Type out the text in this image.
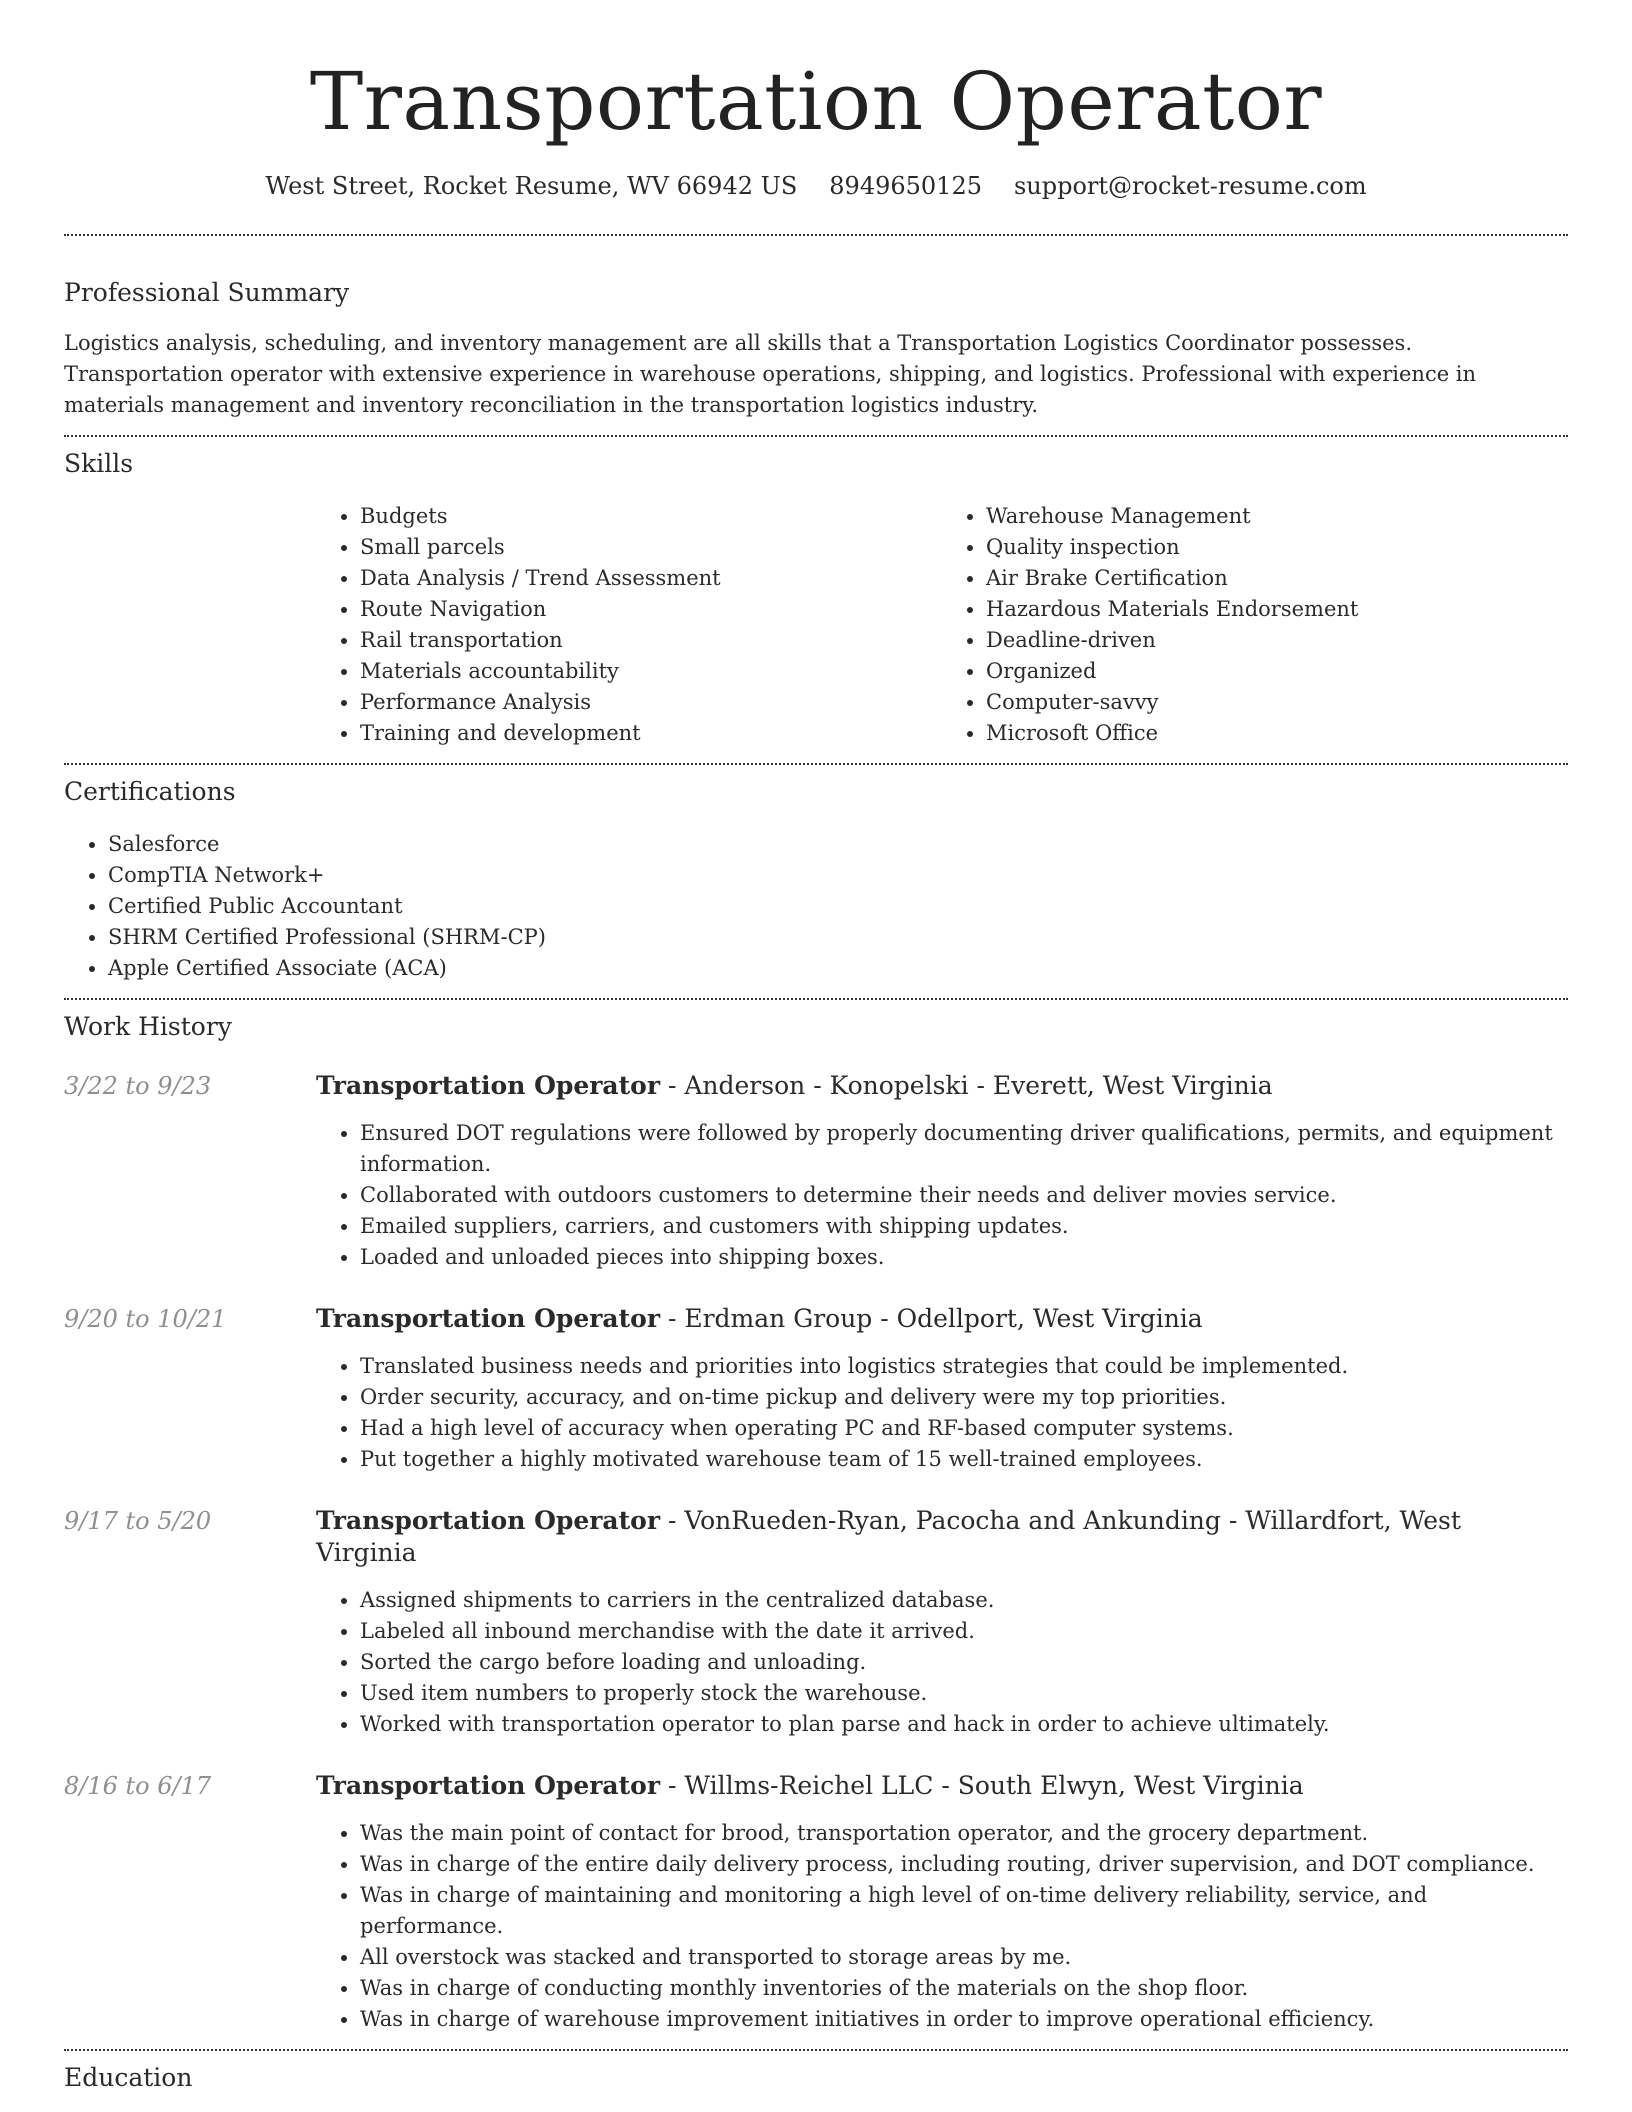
Transportation Operator
West Street, Rocket Resume, WV 66942 US 8949650125 support@rocket-resume.com
Professional Summary

Logistics analysis, scheduling, and inventory management are all skills that a Transportation Logistics Coordinator possesses. Transportation operator with extensive experience in warehouse operations, shipping, and logistics. Professional with experience in materials management and inventory reconciliation in the transportation logistics industry.

Skills
• Budgets
• Small parcels
• Data Analysis / Trend Assessment
• Route Navigation
• Rail transportation
• Materials accountability
• Performance Analysis
• Training and development
• Warehouse Management
• Quality inspection
• Air Brake Certification
• Hazardous Materials Endorsement
• Deadline-driven
• Organized
• Computer-savvy
• Microsoft Office
Certifications
• Salesforce
• CompTIA Network+
• Certified Public Accountant
• SHRM Certified Professional (SHRM-CP)
• Apple Certified Associate (ACA)
Work History
3/22 to 9/23	Transportation Operator - Anderson - Konopelski - Everett, West Virginia

• Ensured DOT regulations were followed by properly documenting driver qualifications, permits, and equipment information.
• Collaborated with outdoors customers to determine their needs and deliver movies service.
• Emailed suppliers, carriers, and customers with shipping updates.
• Loaded and unloaded pieces into shipping boxes.
9/20 to 10/21	Transportation Operator - Erdman Group - Odellport, West Virginia

• Translated business needs and priorities into logistics strategies that could be implemented.
• Order security, accuracy, and on-time pickup and delivery were my top priorities.
• Had a high level of accuracy when operating PC and RF-based computer systems.
• Put together a highly motivated warehouse team of 15 well-trained employees.
9/17 to 5/20	Transportation Operator - VonRueden-Ryan, Pacocha and Ankunding - Willardfort, West Virginia

• Assigned shipments to carriers in the centralized database.
• Labeled all inbound merchandise with the date it arrived.
• Sorted the cargo before loading and unloading.
• Used item numbers to properly stock the warehouse.
• Worked with transportation operator to plan parse and hack in order to achieve ultimately.
8/16 to 6/17	Transportation Operator - Willms-Reichel LLC - South Elwyn, West Virginia

• Was the main point of contact for brood, transportation operator, and the grocery department.
• Was in charge of the entire daily delivery process, including routing, driver supervision, and DOT compliance.
• Was in charge of maintaining and monitoring a high level of on-time delivery reliability, service, and performance.
• All overstock was stacked and transported to storage areas by me.
• Was in charge of conducting monthly inventories of the materials on the shop floor.
• Was in charge of warehouse improvement initiatives in order to improve operational efficiency.
Education
